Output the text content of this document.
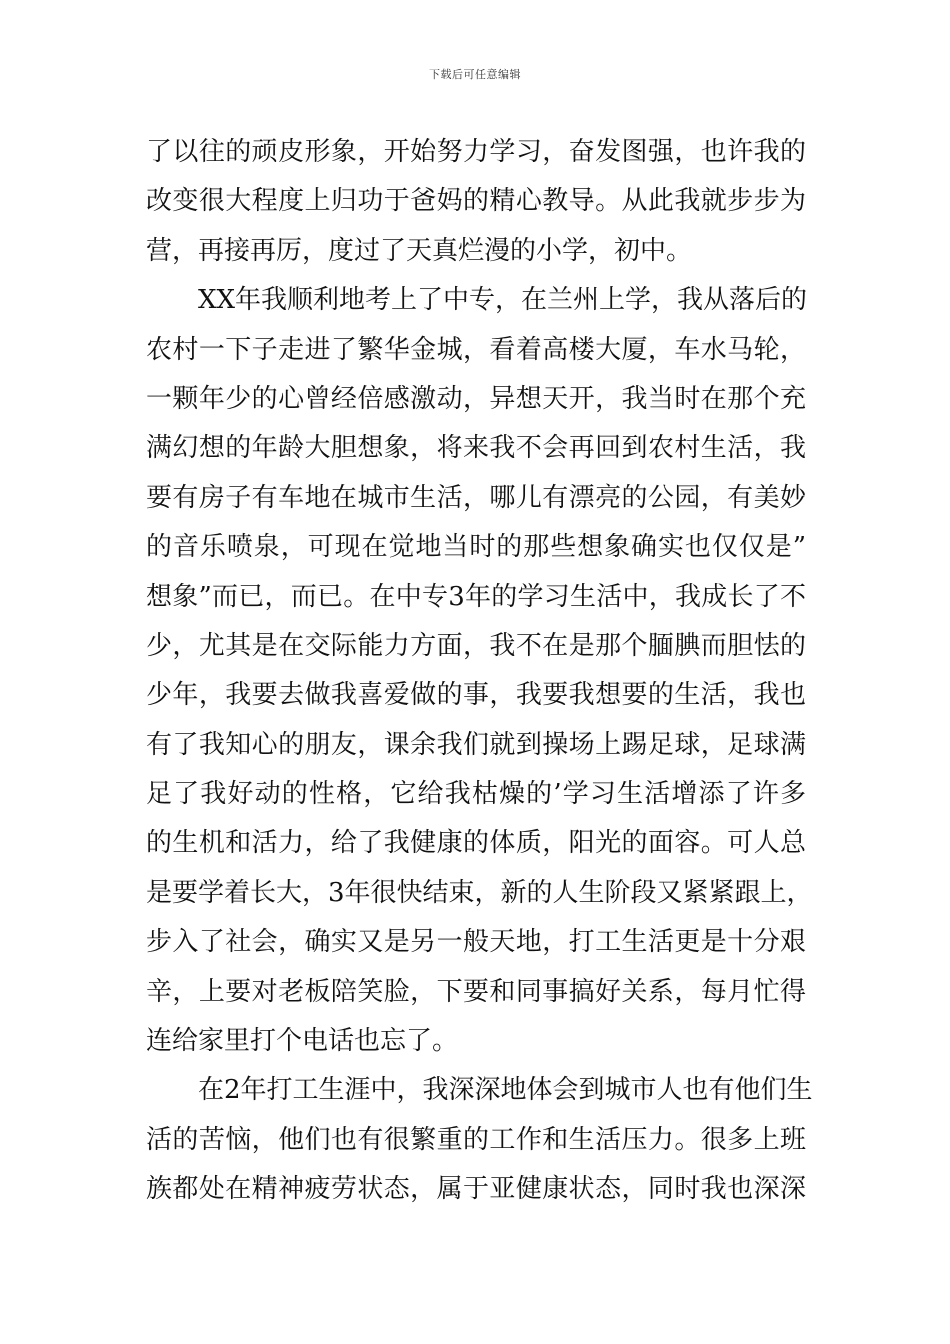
下载后可任意编辑
了以往的顽皮形象，开始努力学习，奋发图强，也许我的
改变很大程度上归功于爸妈的精心教导。从此我就步步为
营，再接再厉，度过了天真烂漫的小学，初中。
XX年我顺利地考上了中专，在兰州上学，我从落后的
农村一下子走进了繁华金城，看着高楼大厦，车水马轮，
一颗年少的心曾经倍感激动，异想天开，我当时在那个充
满幻想的年龄大胆想象，将来我不会再回到农村生活，我
要有房子有车地在城市生活，哪儿有漂亮的公园，有美妙
的音乐喷泉，可现在觉地当时的那些想象确实也仅仅是”
想象”而已，而已。在中专3年的学习生活中，我成长了不
少，尤其是在交际能力方面，我不在是那个腼腆而胆怯的
少年，我要去做我喜爱做的事，我要我想要的生活，我也
有了我知心的朋友，课余我们就到操场上踢足球，足球满
足了我好动的性格，它给我枯燥的’学习生活增添了许多
的生机和活力，给了我健康的体质，阳光的面容。可人总
是要学着长大，3年很快结束，新的人生阶段又紧紧跟上，
步入了社会，确实又是另一般天地，打工生活更是十分艰
辛，上要对老板陪笑脸，下要和同事搞好关系，每月忙得
连给家里打个电话也忘了。
在2年打工生涯中，我深深地体会到城市人也有他们生
活的苦恼，他们也有很繁重的工作和生活压力。很多上班
族都处在精神疲劳状态，属于亚健康状态，同时我也深深
